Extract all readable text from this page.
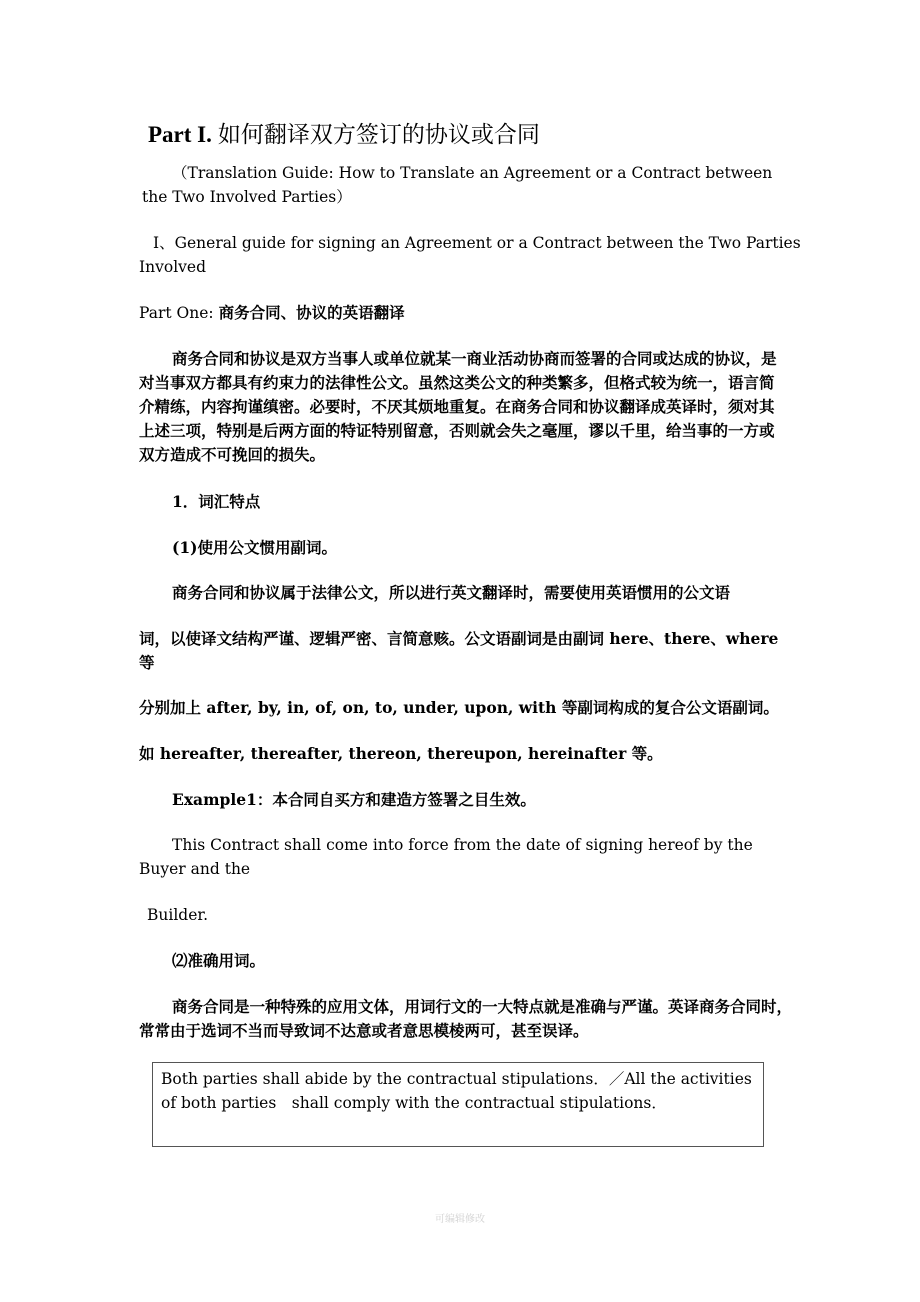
Part I. 如何翻译双方签订的协议或合同

（Translation Guide: How to Translate an Agreement or a Contract between the Two Involved Parties）

I、General guide for signing an Agreement or a Contract between the Two Parties Involved

Part One: 商务合同、协议的英语翻译

商务合同和协议是双方当事人或单位就某一商业活动协商而签署的合同或达成的协议，是对当事双方都具有约束力的法律性公文。虽然这类公文的种类繁多，但格式较为统一，语言简介精练，内容拘谨缜密。必要时，不厌其烦地重复。在商务合同和协议翻译成英译时，须对其上述三项，特别是后两方面的特证特别留意，否则就会失之毫厘，谬以千里，给当事的一方或双方造成不可挽回的损失。

1．词汇特点

(1)使用公文惯用副词。

商务合同和协议属于法律公文，所以进行英文翻译时，需要使用英语惯用的公文语

词，以使译文结构严谨、逻辑严密、言简意赅。公文语副词是由副词 here、there、where 等

分别加上 after, by, in, of, on, to, under, upon, with 等副词构成的复合公文语副词。

如 hereafter, thereafter, thereon, thereupon, hereinafter 等。

Example1：本合同自买方和建造方签署之目生效。

This Contract shall come into force from the date of signing hereof by the Buyer and the

Builder.

⑵准确用词。

商务合同是一种特殊的应用文体，用词行文的一大特点就是准确与严谨。英译商务合同时，常常由于选词不当而导致词不达意或者意思模棱两可，甚至误译。

Both parties shall abide by the contractual stipulations．／All the activities of both parties　shall comply with the contractual stipulations．
可编辑修改
